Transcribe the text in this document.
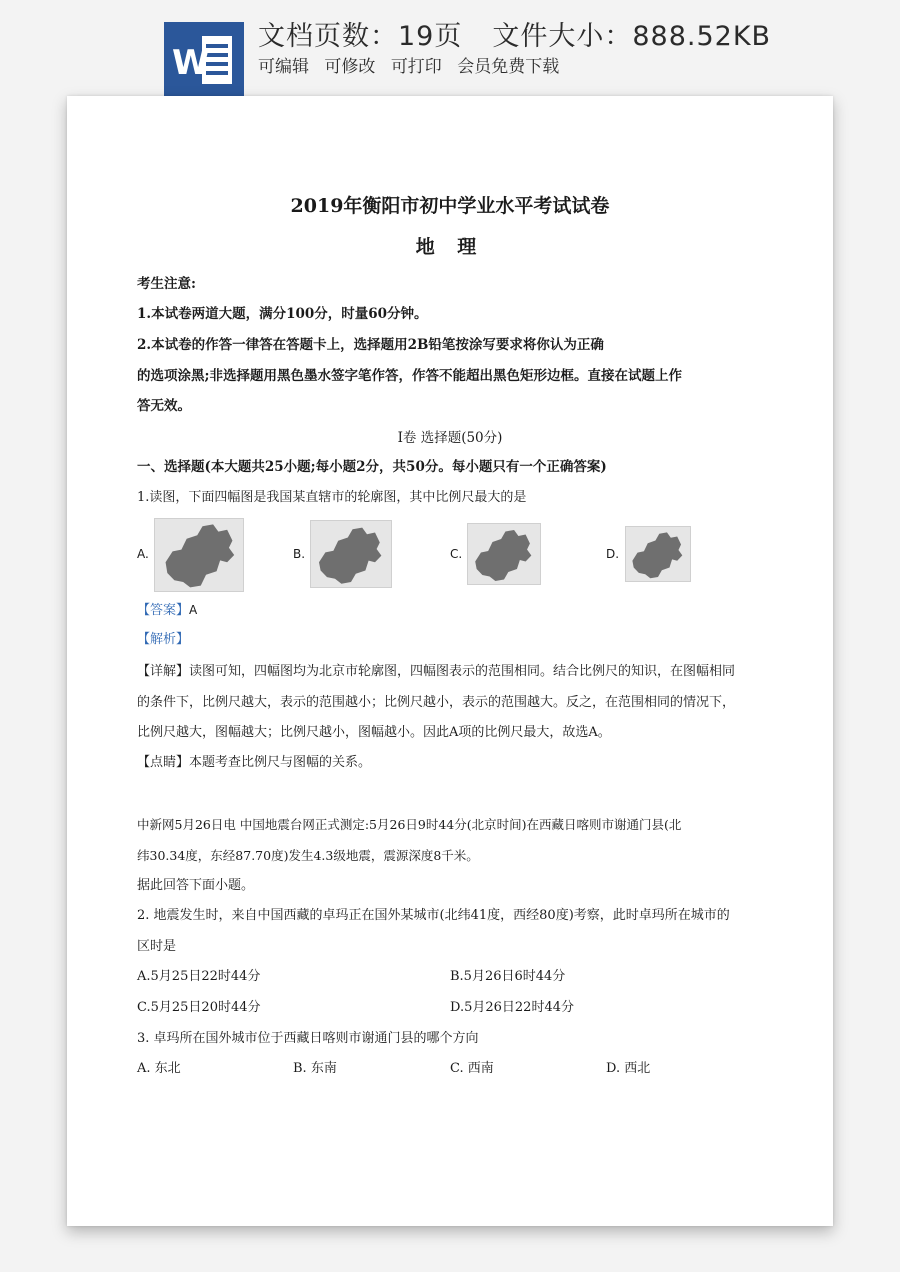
W
文档页数：19页 文件大小：888.52KB
可编辑 可修改 可打印 会员免费下载
2019年衡阳市初中学业水平考试试卷
地 理
考生注意:
1.本试卷两道大题，满分100分，时量60分钟。
2.本试卷的作答一律答在答题卡上，选择题用2B铅笔按涂写要求将你认为正确
的选项涂黑;非选择题用黑色墨水签字笔作答，作答不能超出黑色矩形边框。直接在试题上作
答无效。
Ⅰ卷 选择题(50分)
一、选择题(本大题共25小题;每小题2分，共50分。每小题只有一个正确答案)
1.读图，下面四幅图是我国某直辖市的轮廓图，其中比例尺最大的是
A.	B.	C.	D.
【答案】A
【解析】
【详解】读图可知，四幅图均为北京市轮廓图，四幅图表示的范围相同。结合比例尺的知识，在图幅相同
的条件下，比例尺越大，表示的范围越小；比例尺越小，表示的范围越大。反之，在范围相同的情况下，
比例尺越大，图幅越大；比例尺越小，图幅越小。因此A项的比例尺最大，故选A。
【点睛】本题考查比例尺与图幅的关系。
中新网5月26日电 中国地震台网正式测定:5月26日9时44分(北京时间)在西藏日喀则市谢通门县(北
纬30.34度，东经87.70度)发生4.3级地震，震源深度8千米。
据此回答下面小题。
2. 地震发生时，来自中国西藏的卓玛正在国外某城市(北纬41度，西经80度)考察，此时卓玛所在城市的
区时是
A.5月25日22时44分	B.5月26日6时44分
C.5月25日20时44分	D.5月26日22时44分
3. 卓玛所在国外城市位于西藏日喀则市谢通门县的哪个方向
A. 东北	B. 东南	C. 西南	D. 西北
